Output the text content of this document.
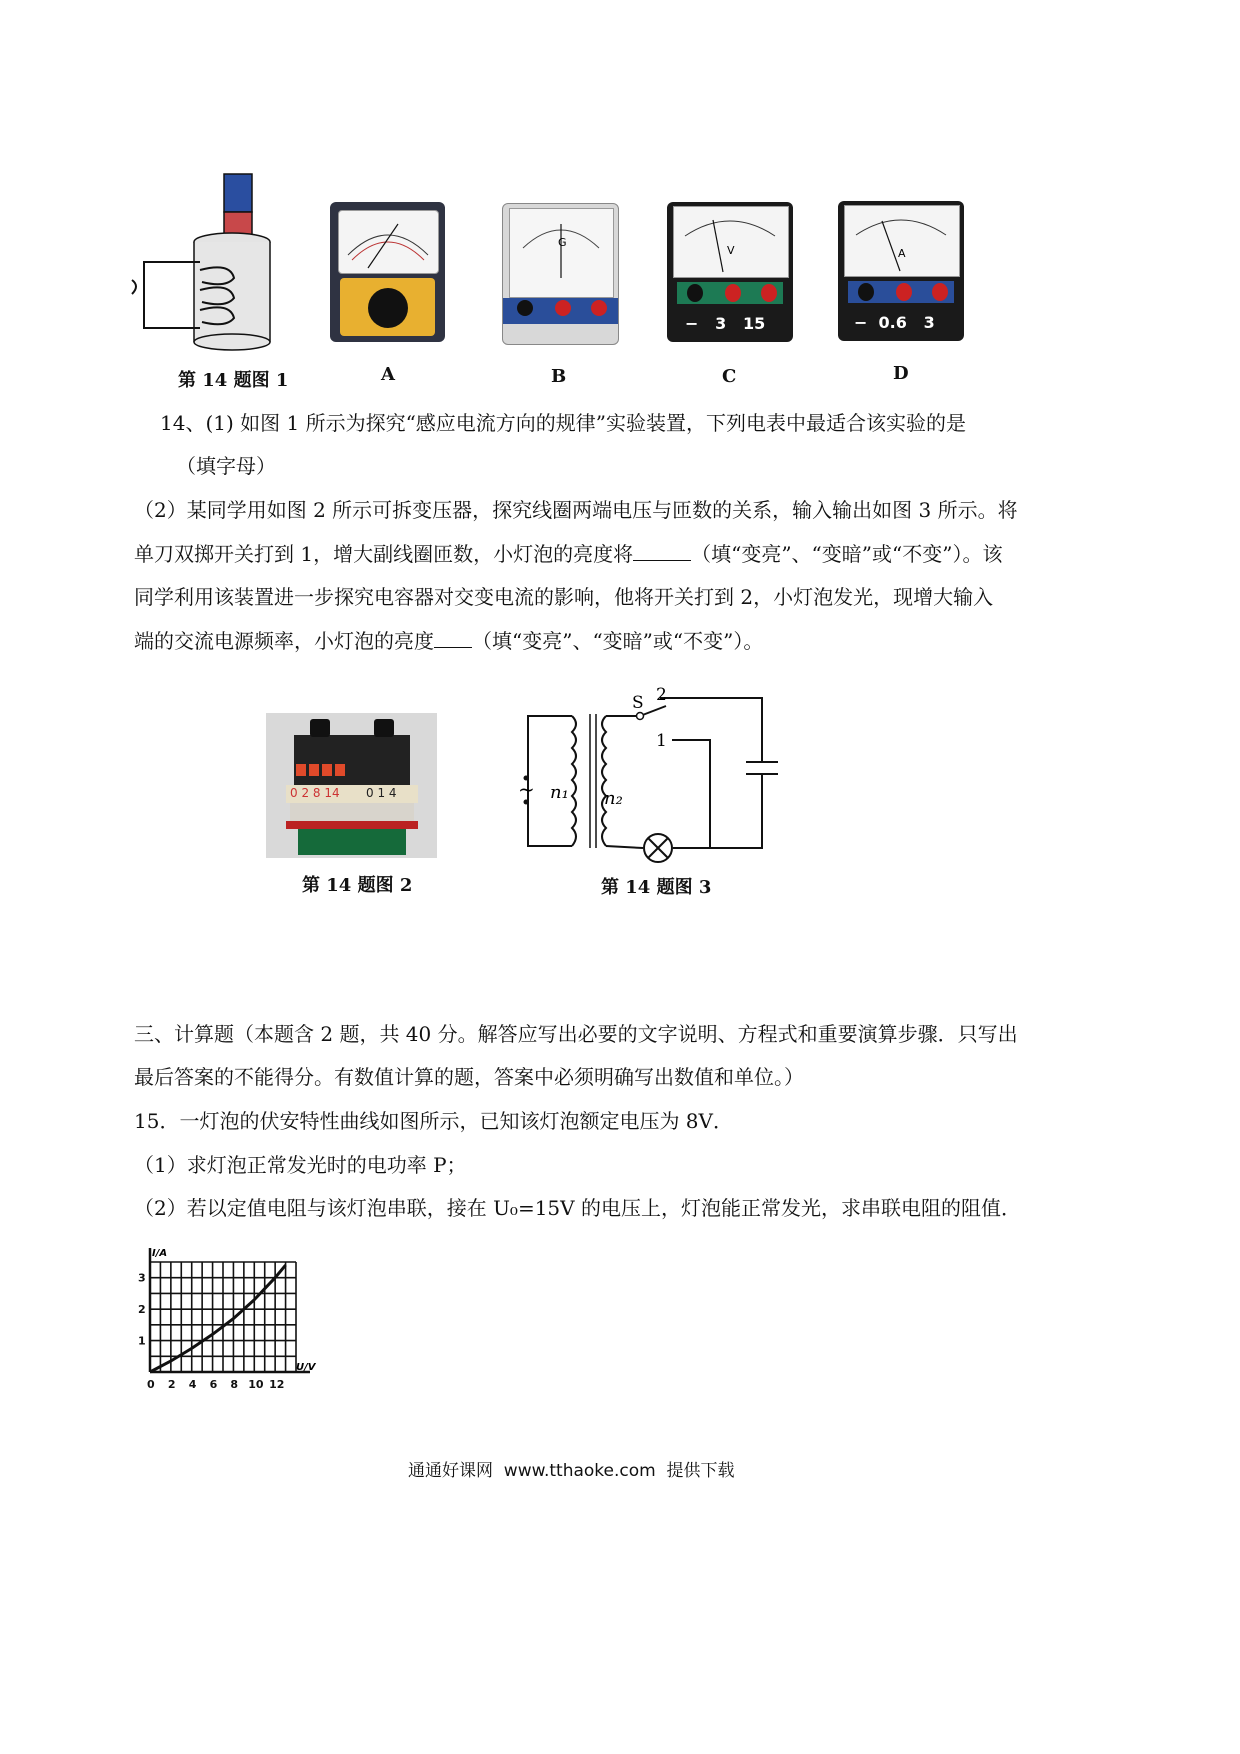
G
V
−   3   15
A
−  0.6   3
第 14 题图 1	A	B	C	D
14、(1) 如图 1 所示为探究“感应电流方向的规律”实验装置，下列电表中最适合该实验的是
（填字母）
（2）某同学用如图 2 所示可拆变压器，探究线圈两端电压与匝数的关系，输入输出如图 3 所示。将
单刀双掷开关打到 1，增大副线圈匝数，小灯泡的亮度将	（填“变亮”、“变暗”或“不变”）。该
同学利用该装置进一步探究电容器对交变电流的影响，他将开关打到 2，小灯泡发光，现增大输入
端的交流电源频率，小灯泡的亮度 （填“变亮”、“变暗”或“不变”）。
0 2 8 14 0 1 4	~
S 2
1
n₁ n₂
第 14 题图 2	第 14 题图 3
三、计算题（本题含 2 题，共 40 分。解答应写出必要的文字说明、方程式和重要演算步骤．只写出
最后答案的不能得分。有数值计算的题，答案中必须明确写出数值和单位。）
15．一灯泡的伏安特性曲线如图所示，已知该灯泡额定电压为 8V．
（1）求灯泡正常发光时的电功率 P；
（2）若以定值电阻与该灯泡串联，接在 U₀=15V 的电压上，灯泡能正常发光，求串联电阻的阻值．
0 2 4 6 8 10 12
1
2
3
I/A
U/V
通通好课网  www.tthaoke.com  提供下载
